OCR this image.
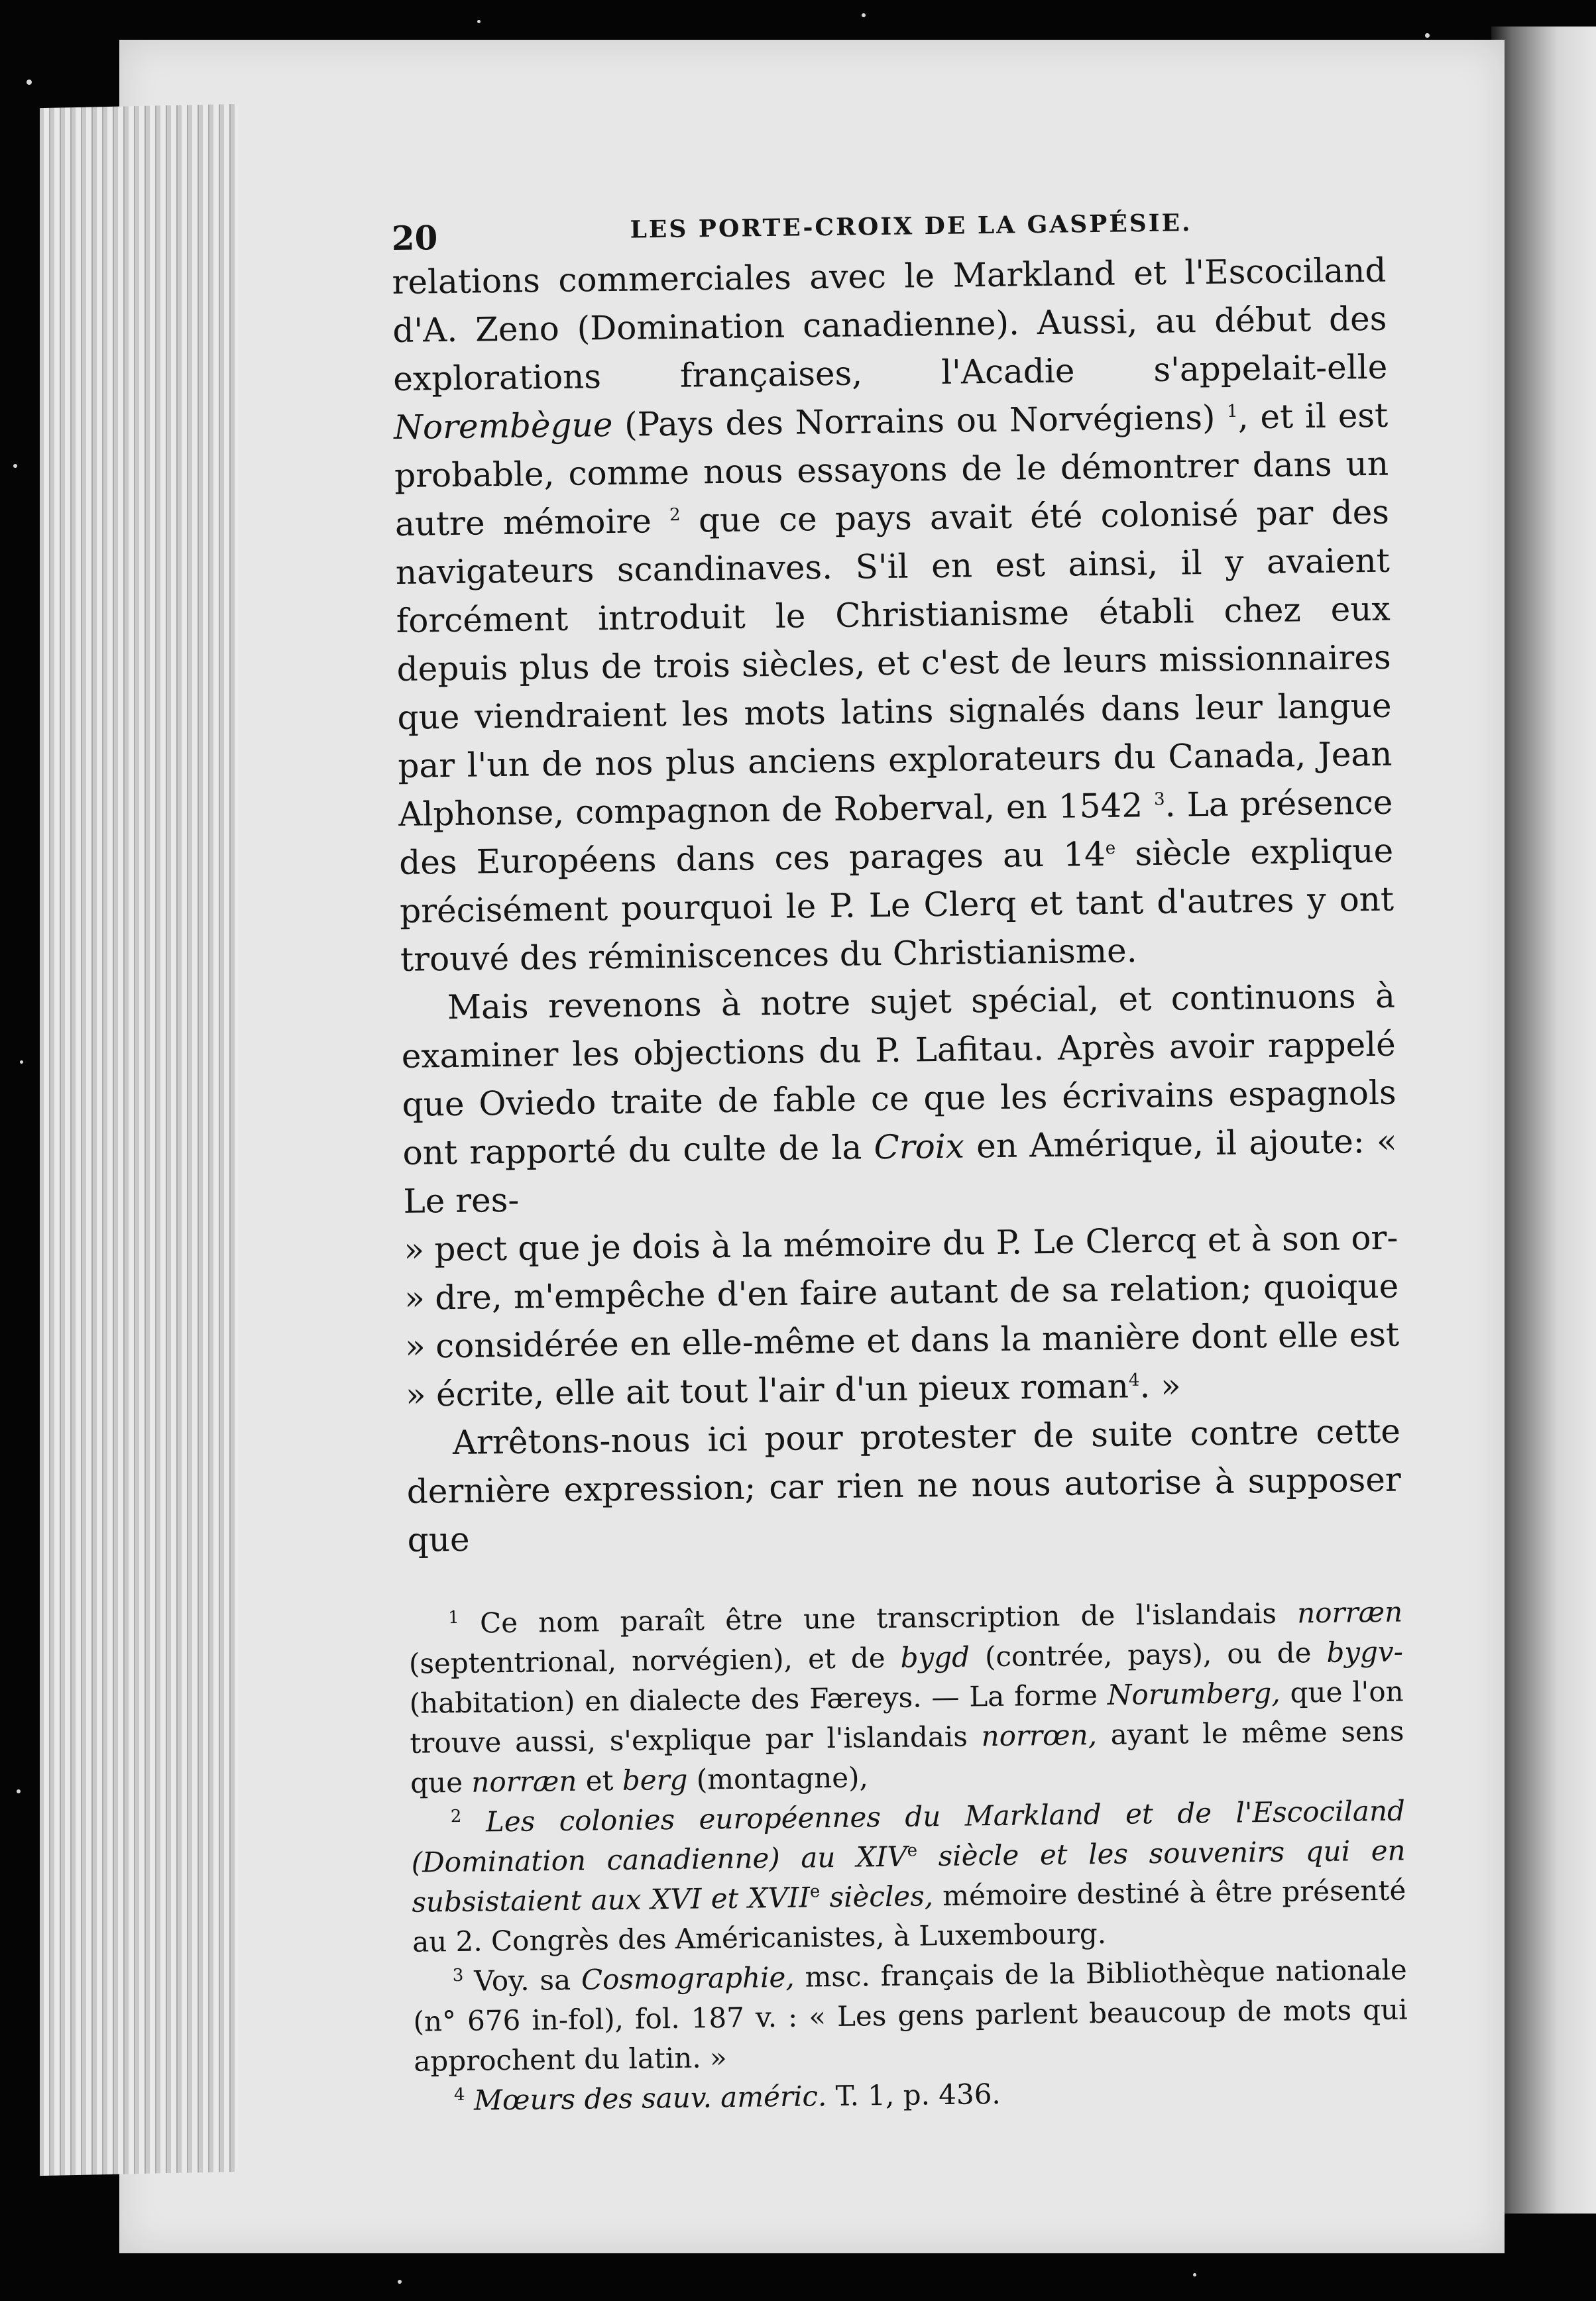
20	LES PORTE-CROIX DE LA GASPÉSIE.

relations commerciales avec le Markland et l'Escociland d'A. Zeno (Domination canadienne). Aussi, au début des explorations françaises, l'Acadie s'appelait-elle Norembègue (Pays des Norrains ou Norvégiens) $^1$, et il est probable, comme nous essayons de le démontrer dans un autre mémoire $^2$ que ce pays avait été colonisé par des navigateurs scandinaves. S'il en est ainsi, il y avaient forcément introduit le Christianisme établi chez eux depuis plus de trois siècles, et c'est de leurs missionnaires que viendraient les mots latins signalés dans leur langue par l'un de nos plus anciens explorateurs du Canada, Jean Alphonse, compagnon de Roberval, en 1542 $^3$. La présence des Européens dans ces parages au 14e siècle explique précisément pourquoi le P. Le Clerq et tant d'autres y ont trouvé des réminiscences du Christianisme.

Mais revenons à notre sujet spécial, et continuons à examiner les objections du P. Lafitau. Après avoir rappelé que Oviedo traite de fable ce que les écrivains espagnols ont rapporté du culte de la Croix en Amérique, il ajoute: « Le res-

» pect que je dois à la mémoire du P. Le Clercq et à son or-
» dre, m'empêche d'en faire autant de sa relation; quoique
» considérée en elle-même et dans la manière dont elle est
» écrite, elle ait tout l'air d'un pieux roman$^4$. »

Arrêtons-nous ici pour protester de suite contre cette dernière expression; car rien ne nous autorise à supposer que

$^1$ Ce nom paraît être une transcription de l'islandais norræn (septentrional, norvégien), et de bygd (contrée, pays), ou de bygv- (habitation) en dialecte des Færeys. — La forme Norumberg, que l'on trouve aussi, s'explique par l'islandais norrœn, ayant le même sens que norræn et berg (montagne),

$^2$ Les colonies européennes du Markland et de l'Escociland (Domination canadienne) au XIVe siècle et les souvenirs qui en subsistaient aux XVI et XVIIe siècles, mémoire destiné à être présenté au 2. Congrès des Américanistes, à Luxembourg.

$^3$ Voy. sa Cosmographie, msc. français de la Bibliothèque nationale (n° 676 in-fol), fol. 187 v. : « Les gens parlent beaucoup de mots qui approchent du latin. »

$^4$ Mœurs des sauv. améric. T. 1, p. 436.
